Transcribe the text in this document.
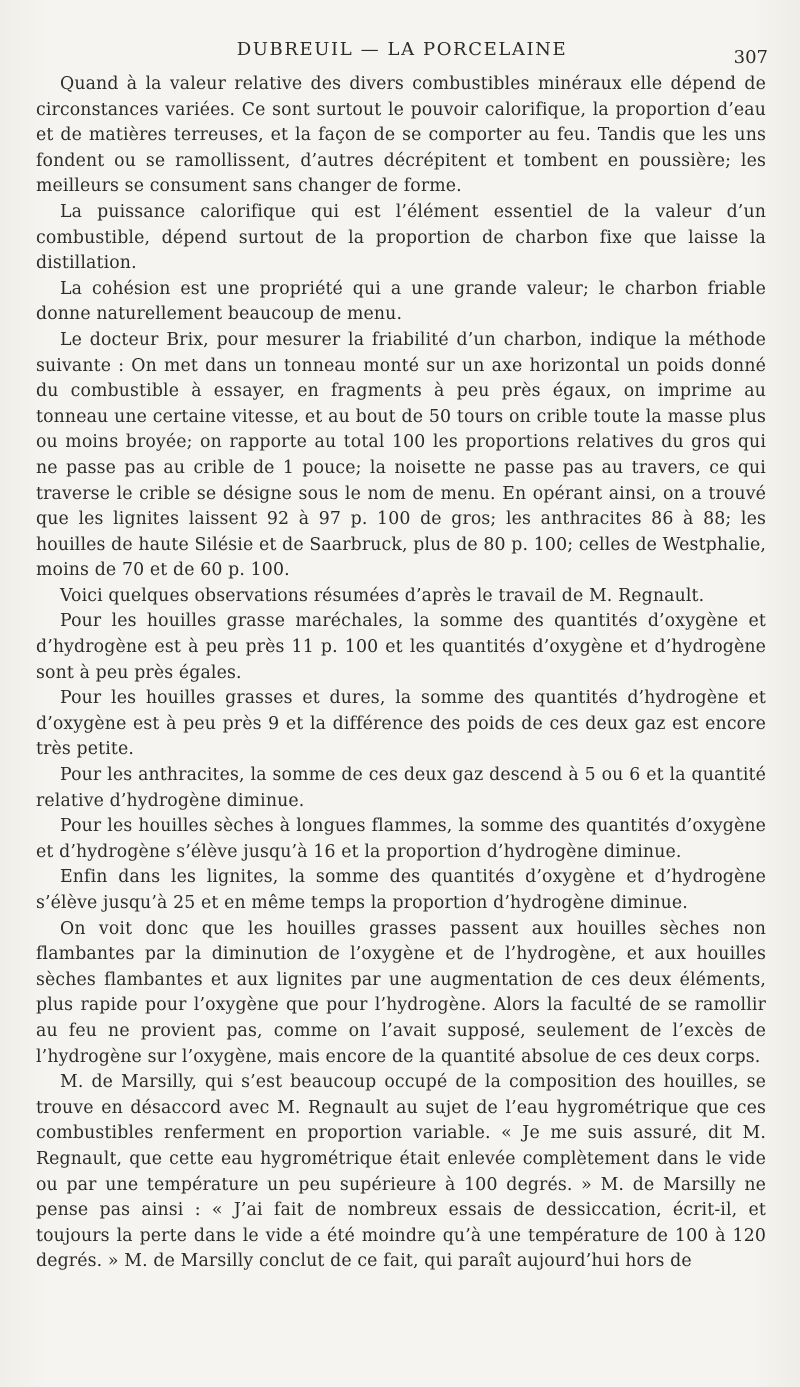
DUBREUIL — LA PORCELAINE	307

Quand à la valeur relative des divers combustibles minéraux elle dépend de circonstances variées. Ce sont surtout le pouvoir calorifique, la proportion d’eau et de matières terreuses, et la façon de se comporter au feu. Tandis que les uns fondent ou se ramollissent, d’autres décrépitent et tombent en poussière; les meilleurs se consument sans changer de forme.

La puissance calorifique qui est l’élément essentiel de la valeur d’un combustible, dépend surtout de la proportion de charbon fixe que laisse la distillation.

La cohésion est une propriété qui a une grande valeur; le charbon friable donne naturellement beaucoup de menu.

Le docteur Brix, pour mesurer la friabilité d’un charbon, indique la méthode suivante : On met dans un tonneau monté sur un axe horizontal un poids donné du combustible à essayer, en fragments à peu près égaux, on imprime au tonneau une certaine vitesse, et au bout de 50 tours on crible toute la masse plus ou moins broyée; on rapporte au total 100 les proportions relatives du gros qui ne passe pas au crible de 1 pouce; la noisette ne passe pas au travers, ce qui traverse le crible se désigne sous le nom de menu. En opérant ainsi, on a trouvé que les lignites laissent 92 à 97 p. 100 de gros; les anthracites 86 à 88; les houilles de haute Silésie et de Saarbruck, plus de 80 p. 100; celles de Westphalie, moins de 70 et de 60 p. 100.

Voici quelques observations résumées d’après le travail de M. Regnault.

Pour les houilles grasse maréchales, la somme des quantités d’oxygène et d’hydrogène est à peu près 11 p. 100 et les quantités d’oxygène et d’hydrogène sont à peu près égales.

Pour les houilles grasses et dures, la somme des quantités d’hydrogène et d’oxygène est à peu près 9 et la différence des poids de ces deux gaz est encore très petite.

Pour les anthracites, la somme de ces deux gaz descend à 5 ou 6 et la quantité relative d’hydrogène diminue.

Pour les houilles sèches à longues flammes, la somme des quantités d’oxygène et d’hydrogène s’élève jusqu’à 16 et la proportion d’hydrogène diminue.

Enfin dans les lignites, la somme des quantités d’oxygène et d’hydrogène s’élève jusqu’à 25 et en même temps la proportion d’hydrogène diminue.

On voit donc que les houilles grasses passent aux houilles sèches non flambantes par la diminution de l’oxygène et de l’hydrogène, et aux houilles sèches flambantes et aux lignites par une augmentation de ces deux éléments, plus rapide pour l’oxygène que pour l’hydrogène. Alors la faculté de se ramollir au feu ne provient pas, comme on l’avait supposé, seulement de l’excès de l’hydrogène sur l’oxygène, mais encore de la quantité absolue de ces deux corps.

M. de Marsilly, qui s’est beaucoup occupé de la composition des houilles, se trouve en désaccord avec M. Regnault au sujet de l’eau hygrométrique que ces combustibles renferment en proportion variable. « Je me suis assuré, dit M. Regnault, que cette eau hygrométrique était enlevée complètement dans le vide ou par une température un peu supérieure à 100 degrés. » M. de Marsilly ne pense pas ainsi : « J’ai fait de nombreux essais de dessiccation, écrit-il, et toujours la perte dans le vide a été moindre qu’à une température de 100 à 120 degrés. » M. de Marsilly conclut de ce fait, qui paraît aujourd’hui hors de
